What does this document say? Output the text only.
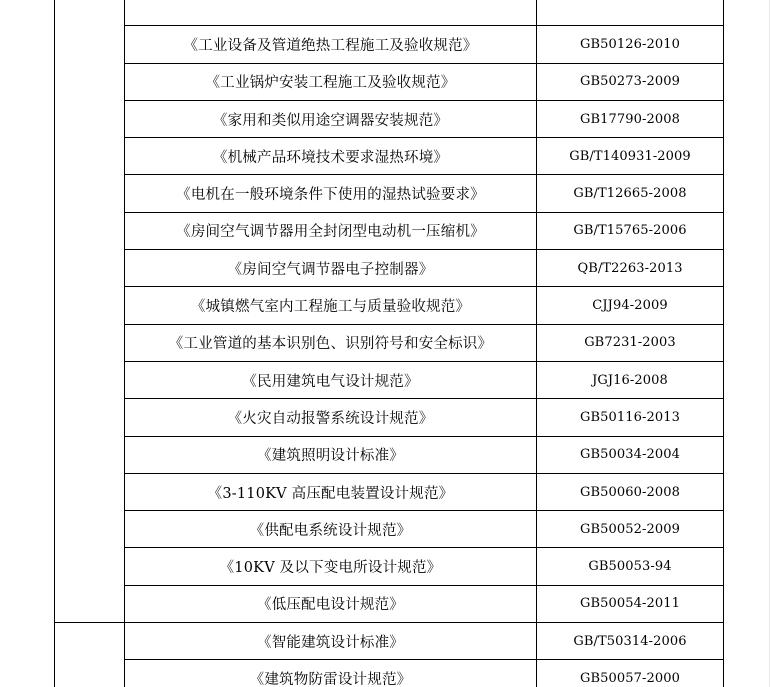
	《工业设备及管道绝热工程施工及验收规范》	GB50126-2010
	《工业锅炉安装工程施工及验收规范》	GB50273-2009
	《家用和类似用途空调器安装规范》	GB17790-2008
	《机械产品环境技术要求湿热环境》	GB/T140931-2009
	《电机在一般环境条件下使用的湿热试验要求》	GB/T12665-2008
	《房间空气调节器用全封闭型电动机一压缩机》	GB/T15765-2006
	《房间空气调节器电子控制器》	QB/T2263-2013
	《城镇燃气室内工程施工与质量验收规范》	CJJ94-2009
	《工业管道的基本识别色、识别符号和安全标识》	GB7231-2003
	《民用建筑电气设计规范》	JGJ16-2008
	《火灾自动报警系统设计规范》	GB50116-2013
	《建筑照明设计标准》	GB50034-2004
	《3-110KV 高压配电装置设计规范》	GB50060-2008
	《供配电系统设计规范》	GB50052-2009
	《10KV 及以下变电所设计规范》	GB50053-94
	《低压配电设计规范》	GB50054-2011
	《智能建筑设计标准》	GB/T50314-2006
	《建筑物防雷设计规范》	GB50057-2000
